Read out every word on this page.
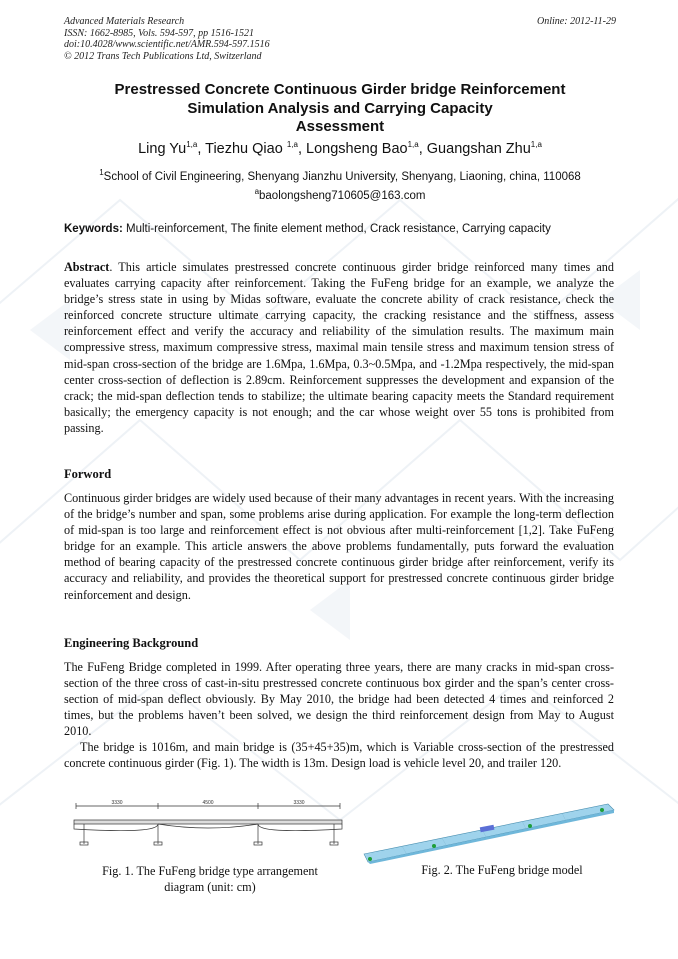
Advanced Materials Research
ISSN: 1662-8985, Vols. 594-597, pp 1516-1521
doi:10.4028/www.scientific.net/AMR.594-597.1516
© 2012 Trans Tech Publications Ltd, Switzerland
Online: 2012-11-29
Prestressed Concrete Continuous Girder bridge Reinforcement
Simulation Analysis and Carrying Capacity
Assessment
Ling Yu$^{1,a}$, Tiezhu Qiao $^{1,a}$, Longsheng Bao$^{1,a}$, Guangshan Zhu$^{1,a}$
$^1$School of Civil Engineering, Shenyang Jianzhu University, Shenyang, Liaoning, china, 110068
$^a$baolongsheng710605@163.com
Keywords: Multi-reinforcement, The finite element method, Crack resistance, Carrying capacity

Abstract. This article simulates prestressed concrete continuous girder bridge reinforced many times and evaluates carrying capacity after reinforcement. Taking the FuFeng bridge for an example, we analyze the bridge’s stress state in using by Midas software, evaluate the concrete ability of crack resistance, check the reinforced concrete structure ultimate carrying capacity, the cracking resistance and the stiffness, assess reinforcement effect and verify the accuracy and reliability of the simulation results. The maximum main compressive stress, maximum compressive stress, maximal main tensile stress and maximum tension stress of mid-span cross-section of the bridge are 1.6Mpa, 1.6Mpa, 0.3~0.5Mpa, and -1.2Mpa respectively, the mid-span center cross-section of deflection is 2.89cm. Reinforcement suppresses the development and expansion of the crack; the mid-span deflection tends to stabilize; the ultimate bearing capacity meets the Standard requirement basically; the emergency capacity is not enough; and the car whose weight over 55 tons is prohibited from passing.

Forword

Continuous girder bridges are widely used because of their many advantages in recent years. With the increasing of the bridge’s number and span, some problems arise during application. For example the long-term deflection of mid-span is too large and reinforcement effect is not obvious after multi-reinforcement [1,2]. Take FuFeng bridge for an example. This article answers the above problems fundamentally, puts forward the evaluation method of bearing capacity of the prestressed concrete continuous girder bridge after reinforcement, verify its accuracy and reliability, and provides the theoretical support for prestressed concrete continuous girder bridge reinforcement and design.

Engineering Background

The FuFeng Bridge completed in 1999. After operating three years, there are many cracks in mid-span cross-section of the three cross of cast-in-situ prestressed concrete continuous box girder and the span’s center cross-section of mid-span deflect obviously. By May 2010, the bridge had been detected 4 times and reinforced 2 times, but the problems haven’t been solved, we design the third reinforcement design from May to August 2010.

The bridge is 1016m, and main bridge is (35+45+35)m, which is Variable cross-section of the prestressed concrete continuous girder (Fig. 1). The width is 13m. Design load is vehicle level 20, and trailer 120.

3330	4500	3330
Fig. 1. The FuFeng bridge type arrangement
diagram (unit: cm)
Fig. 2. The FuFeng bridge model
